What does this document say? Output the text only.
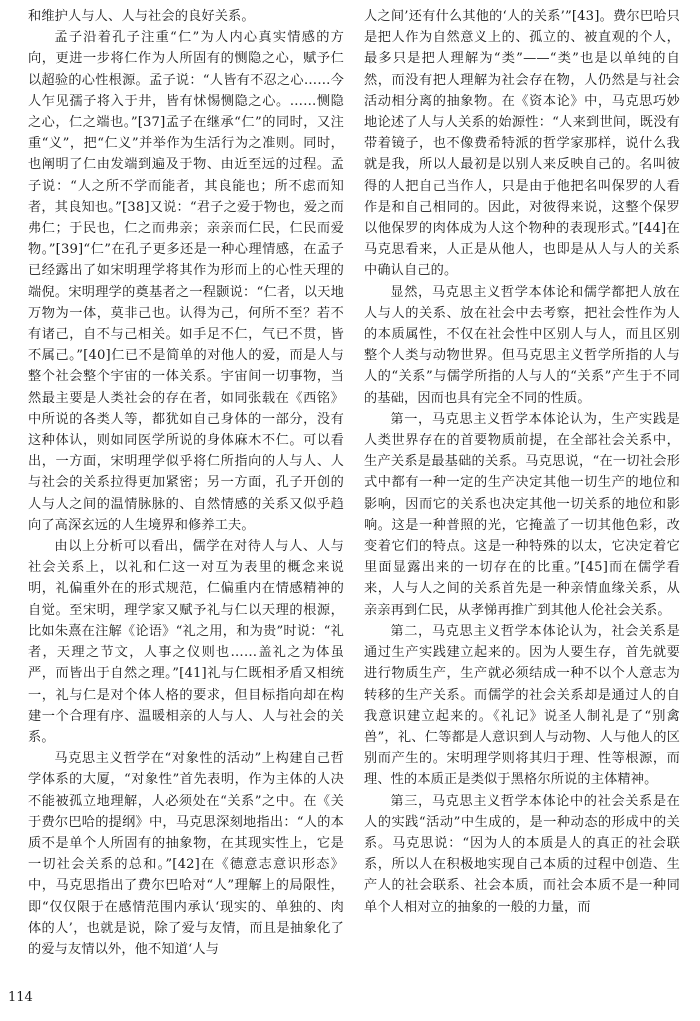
和维护人与人、人与社会的良好关系。

孟子沿着孔子注重“仁”为人内心真实情感的方向，更进一步将仁作为人所固有的恻隐之心，赋予仁以超验的心性根源。孟子说：“人皆有不忍之心……今人乍见孺子将入于井，皆有怵惕恻隐之心。……恻隐之心，仁之端也。”[37]孟子在继承“仁”的同时，又注重“义”，把“仁义”并举作为生活行为之准则。同时，也阐明了仁由发端到遍及于物、由近至远的过程。孟子说：“人之所不学而能者，其良能也；所不虑而知者，其良知也。”[38]又说：“君子之爱于物也，爱之而弗仁；于民也，仁之而弗亲；亲亲而仁民，仁民而爱物。”[39]“仁”在孔子更多还是一种心理情感，在孟子已经露出了如宋明理学将其作为形而上的心性天理的端倪。宋明理学的奠基者之一程颢说：“仁者，以天地万物为一体，莫非己也。认得为己，何所不至？若不有诸己，自不与己相关。如手足不仁，气已不贯，皆不属己。”[40]仁已不是简单的对他人的爱，而是人与整个社会整个宇宙的一体关系。宇宙间一切事物，当然最主要是人类社会的存在者，如同张载在《西铭》中所说的各类人等，都犹如自己身体的一部分，没有这种体认，则如同医学所说的身体麻木不仁。可以看出，一方面，宋明理学似乎将仁所指向的人与人、人与社会的关系拉得更加紧密；另一方面，孔子开创的人与人之间的温情脉脉的、自然情感的关系又似乎趋向了高深玄远的人生境界和修养工夫。

由以上分析可以看出，儒学在对待人与人、人与社会关系上，以礼和仁这一对互为表里的概念来说明，礼偏重外在的形式规范，仁偏重内在情感精神的自觉。至宋明，理学家又赋予礼与仁以天理的根源，比如朱熹在注解《论语》“礼之用，和为贵”时说：“礼者，天理之节文，人事之仪则也……盖礼之为体虽严，而皆出于自然之理。”[41]礼与仁既相矛盾又相统一，礼与仁是对个体人格的要求，但目标指向却在构建一个合理有序、温暖相亲的人与人、人与社会的关系。

马克思主义哲学在“对象性的活动”上构建自己哲学体系的大厦，“对象性”首先表明，作为主体的人决不能被孤立地理解，人必须处在“关系”之中。在《关于费尔巴哈的提纲》中，马克思深刻地指出：“人的本质不是单个人所固有的抽象物，在其现实性上，它是一切社会关系的总和。”[42]在《德意志意识形态》中，马克思指出了费尔巴哈对“人”理解上的局限性，即“仅仅限于在感情范围内承认‘现实的、单独的、肉体的人’，也就是说，除了爱与友情，而且是抽象化了的爱与友情以外，他不知道‘人与

人之间’还有什么其他的‘人的关系’”[43]。费尔巴哈只是把人作为自然意义上的、孤立的、被直观的个人，最多只是把人理解为“类”——“类”也是以单纯的自然，而没有把人理解为社会存在物，人仍然是与社会活动相分离的抽象物。在《资本论》中，马克思巧妙地论述了人与人关系的始源性：“人来到世间，既没有带着镜子，也不像费希特派的哲学家那样，说什么我就是我，所以人最初是以别人来反映自己的。名叫彼得的人把自己当作人，只是由于他把名叫保罗的人看作是和自己相同的。因此，对彼得来说，这整个保罗以他保罗的肉体成为人这个物种的表现形式。”[44]在马克思看来，人正是从他人，也即是从人与人的关系中确认自己的。

显然，马克思主义哲学本体论和儒学都把人放在人与人的关系、放在社会中去考察，把社会性作为人的本质属性，不仅在社会性中区别人与人，而且区别整个人类与动物世界。但马克思主义哲学所指的人与人的“关系”与儒学所指的人与人的“关系”产生于不同的基础，因而也具有完全不同的性质。

第一，马克思主义哲学本体论认为，生产实践是人类世界存在的首要物质前提，在全部社会关系中，生产关系是最基础的关系。马克思说，“在一切社会形式中都有一种一定的生产决定其他一切生产的地位和影响，因而它的关系也决定其他一切关系的地位和影响。这是一种普照的光，它掩盖了一切其他色彩，改变着它们的特点。这是一种特殊的以太，它决定着它里面显露出来的一切存在的比重。”[45]而在儒学看来，人与人之间的关系首先是一种亲情血缘关系，从亲亲再到仁民，从孝悌再推广到其他人伦社会关系。

第二，马克思主义哲学本体论认为，社会关系是通过生产实践建立起来的。因为人要生存，首先就要进行物质生产，生产就必须结成一种不以个人意志为转移的生产关系。而儒学的社会关系却是通过人的自我意识建立起来的。《礼记》说圣人制礼是了“别禽兽”，礼、仁等都是人意识到人与动物、人与他人的区别而产生的。宋明理学则将其归于理、性等根源，而理、性的本质正是类似于黑格尔所说的主体精神。

第三，马克思主义哲学本体论中的社会关系是在人的实践“活动”中生成的，是一种动态的形成中的关系。马克思说：“因为人的本质是人的真正的社会联系，所以人在积极地实现自己本质的过程中创造、生产人的社会联系、社会本质，而社会本质不是一种同单个人相对立的抽象的一般的力量，而

114
